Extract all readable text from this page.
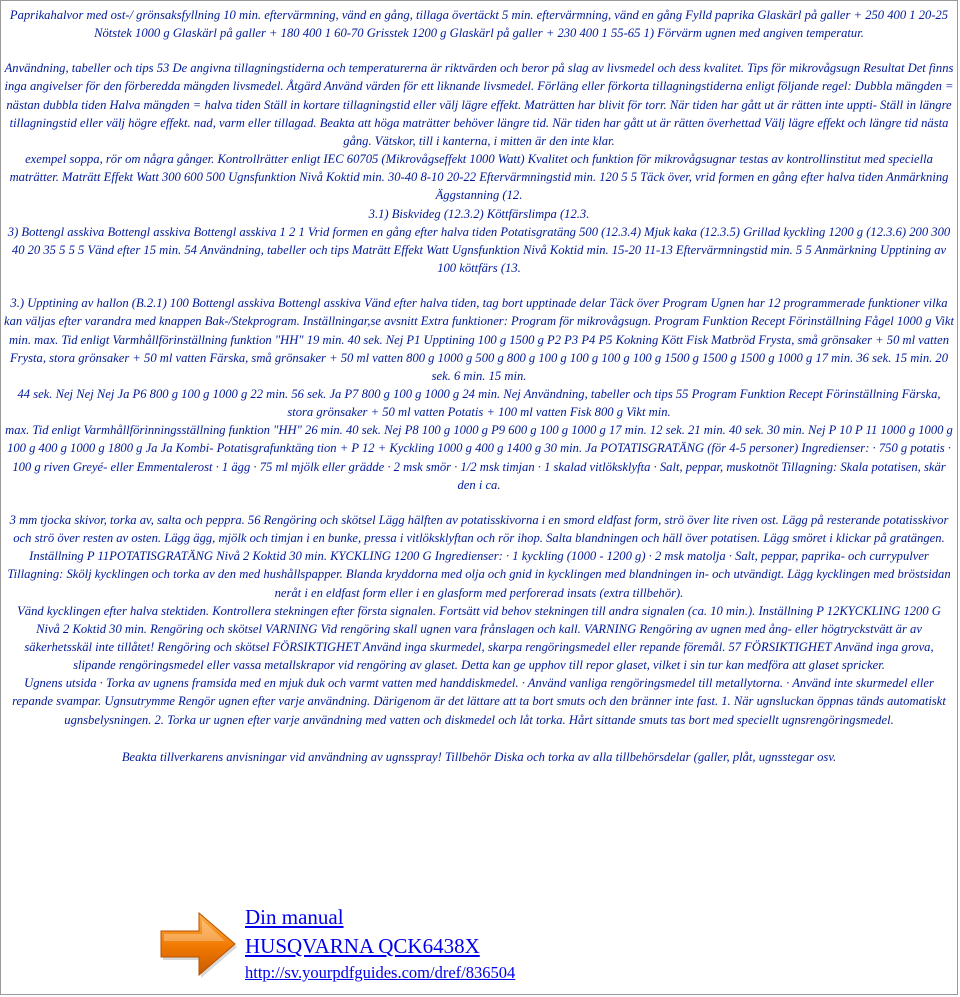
Paprikahalvor med ost-/ grönsaksfyllning 10 min. eftervärmning, vänd en gång, tillaga övertäckt 5 min. eftervärmning, vänd en gång Fylld paprika Glaskärl på galler + 250 400 1 20-25 Nötstek 1000 g Glaskärl på galler + 180 400 1 60-70 Grisstek 1200 g Glaskärl på galler + 230 400 1 55-65 1) Förvärm ugnen med angiven temperatur.

Användning, tabeller och tips 53 De angivna tillagningstiderna och temperaturerna är riktvärden och beror på slag av livsmedel och dess kvalitet. Tips för mikrovågsugn Resultat Det finns inga angivelser för den förberedda mängden livsmedel. Åtgärd Använd värden för ett liknande livsmedel. Förläng eller förkorta tillagningstiderna enligt följande regel: Dubbla mängden = nästan dubbla tiden Halva mängden = halva tiden Ställ in kortare tillagningstid eller välj lägre effekt. Maträtten har blivit för torr. När tiden har gått ut är rätten inte uppti- Ställ in längre tillagningstid eller välj högre effekt. nad, varm eller tillagad. Beakta att höga maträtter behöver längre tid. När tiden har gått ut är rätten överhettad Välj lägre effekt och längre tid nästa gång. Vätskor, till i kanterna, i mitten är den inte klar.

exempel soppa, rör om några gånger. Kontrollrätter enligt IEC 60705 (Mikrovågseffekt 1000 Watt) Kvalitet och funktion för mikrovågsugnar testas av kontrollinstitut med speciella maträtter. Maträtt Effekt Watt 300 600 500 Ugnsfunktion Nivå Koktid min. 30-40 8-10 20-22 Eftervärmningstid min. 120 5 5 Täck över, vrid formen en gång efter halva tiden Anmärkning Äggstanning (12.

3.1) Biskvideg (12.3.2) Köttfärslimpa (12.3.

3) Bottengl asskiva Bottengl asskiva Bottengl asskiva 1 2 1 Vrid formen en gång efter halva tiden Potatisgratäng 500 (12.3.4) Mjuk kaka (12.3.5) Grillad kyckling 1200 g (12.3.6) 200 300 40 20 35 5 5 5 Vänd efter 15 min. 54 Användning, tabeller och tips Maträtt Effekt Watt Ugnsfunktion Nivå Koktid min. 15-20 11-13 Eftervärmningstid min. 5 5 Anmärkning Upptining av 100 köttfärs (13.

3.) Upptining av hallon (B.2.1) 100 Bottengl asskiva Bottengl asskiva Vänd efter halva tiden, tag bort upptinade delar Täck över Program Ugnen har 12 programmerade funktioner vilka kan väljas efter varandra med knappen Bak-/Stekprogram. Inställningar,se avsnitt Extra funktioner: Program för mikrovågsugn. Program Funktion Recept Förinställning Fågel 1000 g Vikt min. max. Tid enligt Varmhållförinställning funktion "HH" 19 min. 40 sek. Nej P1 Upptining 100 g 1500 g P2 P3 P4 P5 Kokning Kött Fisk Matbröd Frysta, små grönsaker + 50 ml vatten Frysta, stora grönsaker + 50 ml vatten Färska, små grönsaker + 50 ml vatten 800 g 1000 g 500 g 800 g 100 g 100 g 100 g 100 g 1500 g 1500 g 1500 g 1000 g 17 min. 36 sek. 15 min. 20 sek. 6 min. 15 min.

44 sek. Nej Nej Nej Ja P6 800 g 100 g 1000 g 22 min. 56 sek. Ja P7 800 g 100 g 1000 g 24 min. Nej Användning, tabeller och tips 55 Program Funktion Recept Förinställning Färska, stora grönsaker + 50 ml vatten Potatis + 100 ml vatten Fisk 800 g Vikt min.

max. Tid enligt Varmhållförinningsställning funktion "HH" 26 min. 40 sek. Nej P8 100 g 1000 g P9 600 g 100 g 1000 g 17 min. 12 sek. 21 min. 40 sek. 30 min. Nej P 10 P 11 1000 g 1000 g 100 g 400 g 1000 g 1800 g Ja Ja Kombi- Potatisgrafunktäng tion + P 12 + Kyckling 1000 g 400 g 1400 g 30 min. Ja POTATISGRATÄNG (för 4-5 personer) Ingredienser: · 750 g potatis · 100 g riven Greyé- eller Emmentalerost · 1 ägg · 75 ml mjölk eller grädde · 2 msk smör · 1/2 msk timjan · 1 skalad vitlöksklyfta · Salt, peppar, muskotnöt Tillagning: Skala potatisen, skär den i ca.

3 mm tjocka skivor, torka av, salta och peppra. 56 Rengöring och skötsel Lägg hälften av potatisskivorna i en smord eldfast form, strö över lite riven ost. Lägg på resterande potatisskivor och strö över resten av osten. Lägg ägg, mjölk och timjan i en bunke, pressa i vitlökskly​ftan och rör ihop. Salta blandningen och häll över potatisen. Lägg smöret i klickar på gratängen. Inställning P 11POTATISGRATÄNG Nivå 2 Koktid 30 min. KYCKLING 1200 G Ingredienser: · 1 kyckling (1000 - 1200 g) · 2 msk matolja · Salt, peppar, paprika- och currypulver Tillagning: Skölj kycklingen och torka av den med hushållspapper. Blanda kryddorna med olja och gnid in kycklingen med blandningen in- och utvändigt. Lägg kycklingen med bröstsidan neråt i en eldfast form eller i en glasform med perforerad insats (extra tillbehör).

Vänd kycklingen efter halva stektiden. Kontrollera stekningen efter första signalen. Fortsätt vid behov stekningen till andra signalen (ca. 10 min.). Inställning P 12KYCKLING 1200 G Nivå 2 Koktid 30 min. Rengöring och skötsel VARNING Vid rengöring skall ugnen vara frånslagen och kall. VARNING Rengöring av ugnen med ång- eller högtryckstvätt är av säkerhetsskäl inte tillåtet! Rengöring och skötsel FÖRSIKTIGHET Använd inga skurmedel, skarpa rengöringsmedel eller repande föremål. 57 FÖRSIKTIGHET Använd inga grova, slipande rengöringsmedel eller vassa metallskrapor vid rengöring av glaset. Detta kan ge upphov till repor glaset, vilket i sin tur kan medföra att glaset spricker.

Ugnens utsida · Torka av ugnens framsida med en mjuk duk och varmt vatten med handdiskmedel. · Använd vanliga rengöringsmedel till metallytorna. · Använd inte skurmedel eller repande svampar. Ugnsutrymme Rengör ugnen efter varje användning. Därigenom är det lättare att ta bort smuts och den bränner inte fast. 1. När ugnsluckan öppnas tänds automatiskt ugnsbelysningen. 2. Torka ur ugnen efter varje användning med vatten och diskmedel och låt torka. Hårt sittande smuts tas bort med speciellt ugnsrengöringsmedel.

Beakta tillverkarens anvisningar vid användning av ugnsspray! Tillbehör Diska och torka av alla tillbehörsdelar (galler, plåt, ugnsstegar osv.

Din manual
HUSQVARNA QCK6438X
http://sv.yourpdfguides.com/dref/836504
